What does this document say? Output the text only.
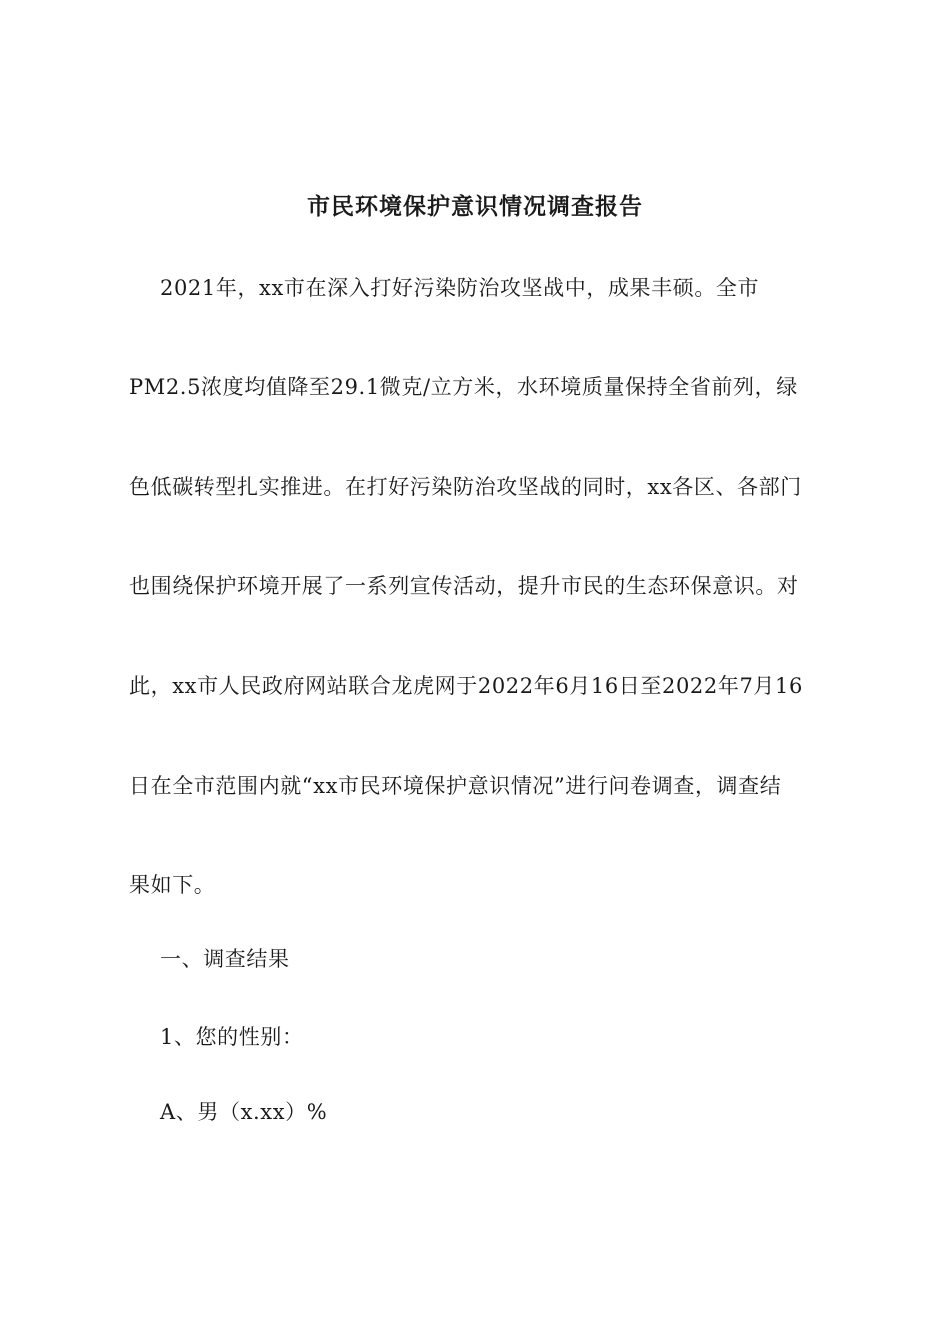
市民环境保护意识情况调查报告
2021年，xx市在深入打好污染防治攻坚战中，成果丰硕。全市
PM2.5浓度均值降至29.1微克/立方米，水环境质量保持全省前列，绿
色低碳转型扎实推进。在打好污染防治攻坚战的同时，xx各区、各部门
也围绕保护环境开展了一系列宣传活动，提升市民的生态环保意识。对
此，xx市人民政府网站联合龙虎网于2022年6月16日至2022年7月16
日在全市范围内就“xx市民环境保护意识情况”进行问卷调查，调查结
果如下。
一、调查结果
1、您的性别：
A、男（x.xx）%
